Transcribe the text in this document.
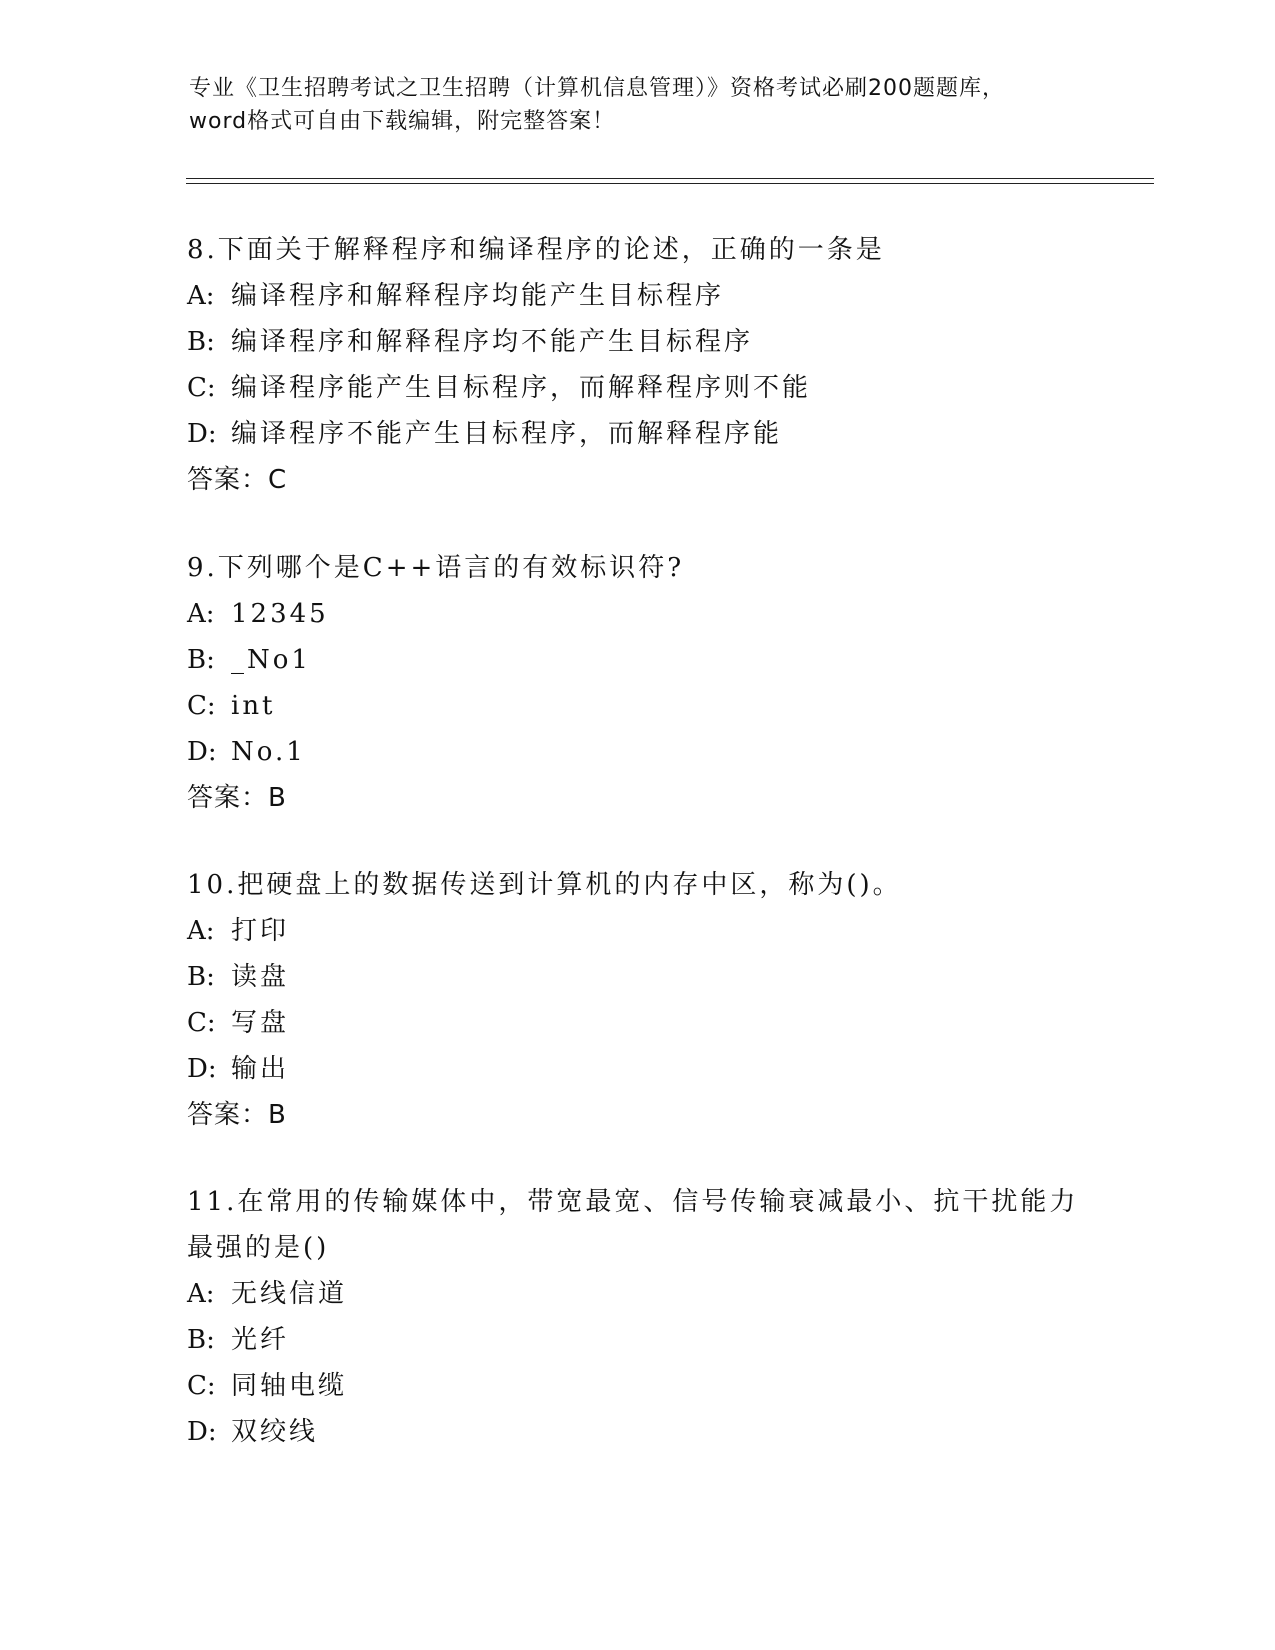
专业《卫生招聘考试之卫生招聘（计算机信息管理）》资格考试必刷200题题库，
word格式可自由下载编辑，附完整答案！
8.下面关于解释程序和编译程序的论述，正确的一条是
A: 编译程序和解释程序均能产生目标程序
B: 编译程序和解释程序均不能产生目标程序
C: 编译程序能产生目标程序，而解释程序则不能
D: 编译程序不能产生目标程序，而解释程序能
答案：C
9.下列哪个是C++语言的有效标识符?
A: 12345
B: _No1
C: int
D: No.1
答案：B
10.把硬盘上的数据传送到计算机的内存中区，称为()。
A: 打印
B: 读盘
C: 写盘
D: 输出
答案：B
11.在常用的传输媒体中，带宽最宽、信号传输衰减最小、抗干扰能力
最强的是()
A: 无线信道
B: 光纤
C: 同轴电缆
D: 双绞线
